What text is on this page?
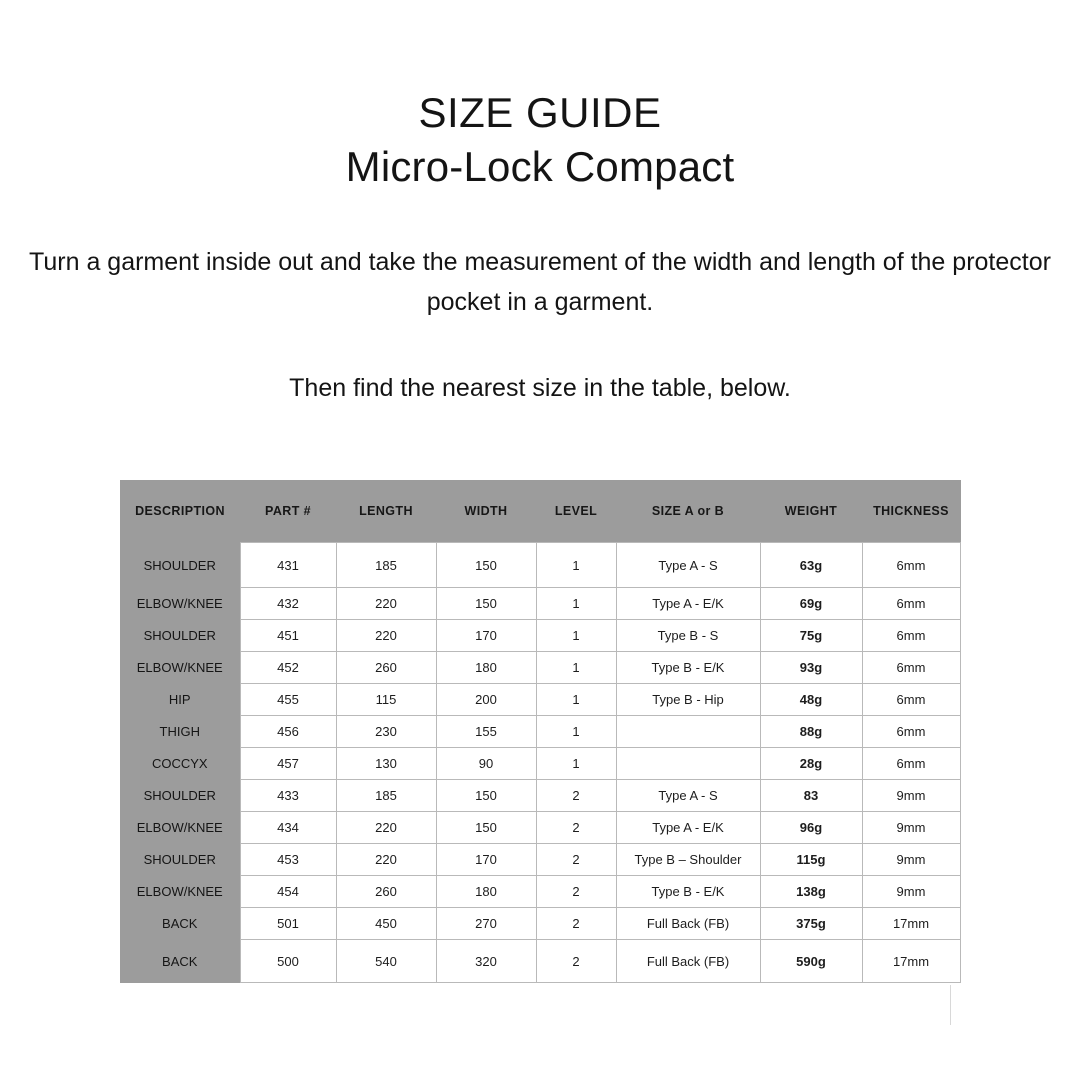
SIZE GUIDE
Micro-Lock Compact

Turn a garment inside out and take the measurement of the width and length of the protector pocket in a garment.

Then find the nearest size in the table, below.

DESCRIPTION	PART #	LENGTH	WIDTH	LEVEL	SIZE A or B	WEIGHT	THICKNESS
SHOULDER	431	185	150	1	Type A - S	63g	6mm
ELBOW/KNEE	432	220	150	1	Type A - E/K	69g	6mm
SHOULDER	451	220	170	1	Type B - S	75g	6mm
ELBOW/KNEE	452	260	180	1	Type B - E/K	93g	6mm
HIP	455	115	200	1	Type B - Hip	48g	6mm
THIGH	456	230	155	1		88g	6mm
COCCYX	457	130	90	1		28g	6mm
SHOULDER	433	185	150	2	Type A - S	83	9mm
ELBOW/KNEE	434	220	150	2	Type A - E/K	96g	9mm
SHOULDER	453	220	170	2	Type B – Shoulder	115g	9mm
ELBOW/KNEE	454	260	180	2	Type B - E/K	138g	9mm
BACK	501	450	270	2	Full Back (FB)	375g	17mm
BACK	500	540	320	2	Full Back (FB)	590g	17mm
